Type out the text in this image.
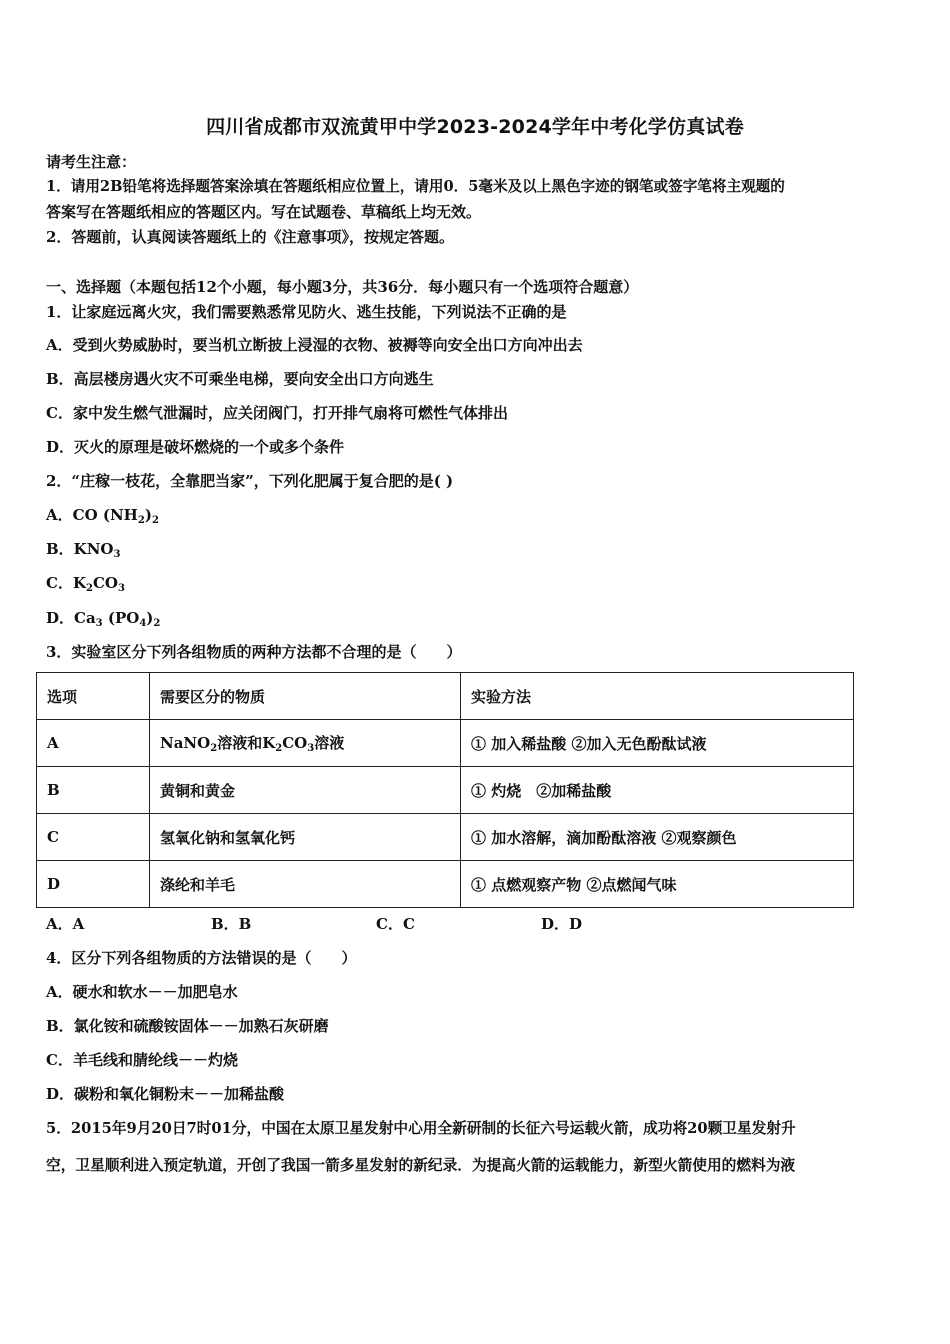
四川省成都市双流黄甲中学2023-2024学年中考化学仿真试卷
请考生注意：
1．请用2B铅笔将选择题答案涂填在答题纸相应位置上，请用0．5毫米及以上黑色字迹的钢笔或签字笔将主观题的
答案写在答题纸相应的答题区内。写在试题卷、草稿纸上均无效。
2．答题前，认真阅读答题纸上的《注意事项》，按规定答题。
一、选择题（本题包括12个小题，每小题3分，共36分．每小题只有一个选项符合题意）
1．让家庭远离火灾，我们需要熟悉常见防火、逃生技能，下列说法不正确的是
A．受到火势威胁时，要当机立断披上浸湿的衣物、被褥等向安全出口方向冲出去
B．高层楼房遇火灾不可乘坐电梯，要向安全出口方向逃生
C．家中发生燃气泄漏时，应关闭阀门，打开排气扇将可燃性气体排出
D．灭火的原理是破坏燃烧的一个或多个条件
2．“庄稼一枝花，全靠肥当家”，下列化肥属于复合肥的是( )
A．CO $(NH_2)_2$
B．$KNO_3$
C．$K_2CO_3$
D．$Ca_3$ $(PO_4)_2$
3．实验室区分下列各组物质的两种方法都不合理的是（　　）
选项	需要区分的物质	实验方法
A	NaNO$_2$溶液和$K_2CO_3$溶液	① 加入稀盐酸 ②加入无色酚酞试液
B	黄铜和黄金	① 灼烧　②加稀盐酸
C	氢氧化钠和氢氧化钙	① 加水溶解，滴加酚酞溶液 ②观察颜色
D	涤纶和羊毛	① 点燃观察产物 ②点燃闻气味
A．A	B．B	C．C	D．D
4．区分下列各组物质的方法错误的是（　　）
A．硬水和软水－－加肥皂水
B．氯化铵和硫酸铵固体－－加熟石灰研磨
C．羊毛线和腈纶线－－灼烧
D．碳粉和氧化铜粉末－－加稀盐酸
5．2015年9月20日7时01分，中国在太原卫星发射中心用全新研制的长征六号运载火箭，成功将20颗卫星发射升
空，卫星顺利进入预定轨道，开创了我国一箭多星发射的新纪录．为提高火箭的运载能力，新型火箭使用的燃料为液
